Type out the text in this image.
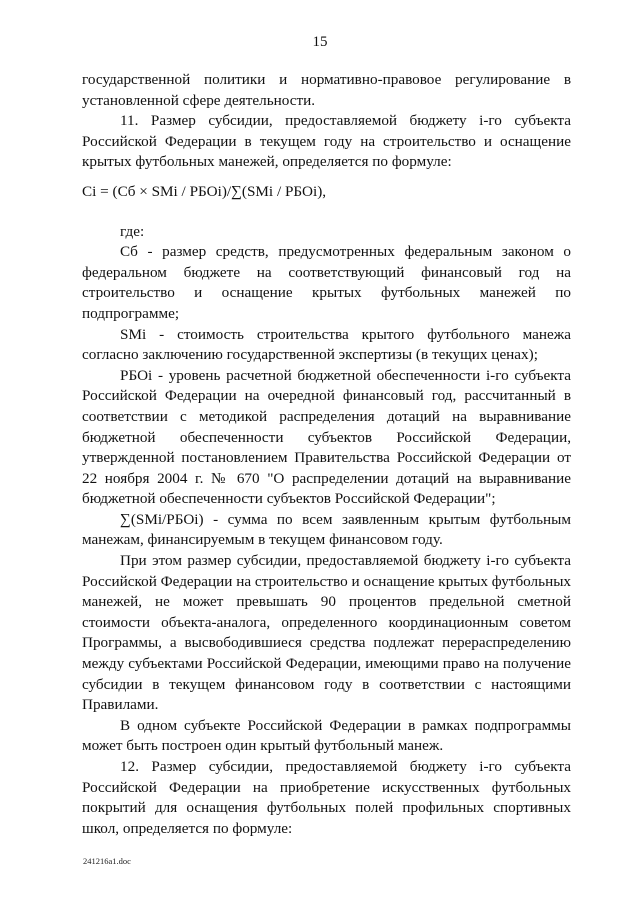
15

государственной политики и нормативно-правовое регулирование в установленной сфере деятельности.

11. Размер субсидии, предоставляемой бюджету i-го субъекта Российской Федерации в текущем году на строительство и оснащение крытых футбольных манежей, определяется по формуле:

Ci = (Cб × SMi / РБОi)/∑(SMi / РБОi),

где:

Cб - размер средств, предусмотренных федеральным законом о федеральном бюджете на соответствующий финансовый год на строительство и оснащение крытых футбольных манежей по подпрограмме;

SMi - стоимость строительства крытого футбольного манежа согласно заключению государственной экспертизы (в текущих ценах);

РБОi - уровень расчетной бюджетной обеспеченности i-го субъекта Российской Федерации на очередной финансовый год, рассчитанный в соответствии с методикой распределения дотаций на выравнивание бюджетной обеспеченности субъектов Российской Федерации, утвержденной постановлением Правительства Российской Федерации от 22 ноября 2004 г. № 670 "О распределении дотаций на выравнивание бюджетной обеспеченности субъектов Российской Федерации";

∑(SMi/РБОi) - сумма по всем заявленным крытым футбольным манежам, финансируемым в текущем финансовом году.

При этом размер субсидии, предоставляемой бюджету i-го субъекта Российской Федерации на строительство и оснащение крытых футбольных манежей, не может превышать 90 процентов предельной сметной стоимости объекта-аналога, определенного координационным советом Программы, а высвободившиеся средства подлежат перераспределению между субъектами Российской Федерации, имеющими право на получение субсидии в текущем финансовом году в соответствии с настоящими Правилами.

В одном субъекте Российской Федерации в рамках подпрограммы может быть построен один крытый футбольный манеж.

12. Размер субсидии, предоставляемой бюджету i-го субъекта Российской Федерации на приобретение искусственных футбольных покрытий для оснащения футбольных полей профильных спортивных школ, определяется по формуле:

241216a1.doc
